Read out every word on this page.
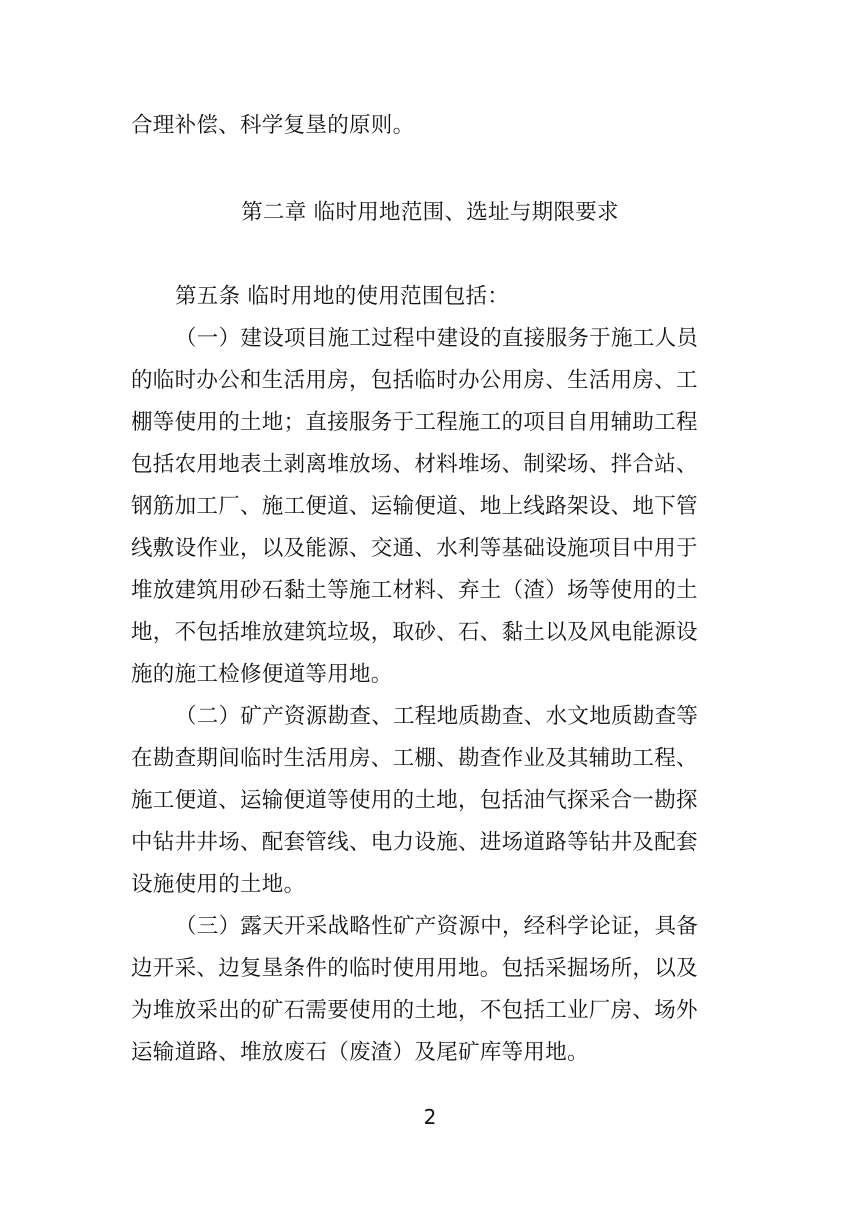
合理补偿、科学复垦的原则。
第二章 临时用地范围、选址与期限要求
第五条 临时用地的使用范围包括：
（一）建设项目施工过程中建设的直接服务于施工人员
的临时办公和生活用房，包括临时办公用房、生活用房、工
棚等使用的土地；直接服务于工程施工的项目自用辅助工程
包括农用地表土剥离堆放场、材料堆场、制梁场、拌合站、
钢筋加工厂、施工便道、运输便道、地上线路架设、地下管
线敷设作业，以及能源、交通、水利等基础设施项目中用于
堆放建筑用砂石黏土等施工材料、弃土（渣）场等使用的土
地，不包括堆放建筑垃圾，取砂、石、黏土以及风电能源设
施的施工检修便道等用地。
（二）矿产资源勘查、工程地质勘查、水文地质勘查等
在勘查期间临时生活用房、工棚、勘查作业及其辅助工程、
施工便道、运输便道等使用的土地，包括油气探采合一勘探
中钻井井场、配套管线、电力设施、进场道路等钻井及配套
设施使用的土地。
（三）露天开采战略性矿产资源中，经科学论证，具备
边开采、边复垦条件的临时使用用地。包括采掘场所，以及
为堆放采出的矿石需要使用的土地，不包括工业厂房、场外
运输道路、堆放废石（废渣）及尾矿库等用地。
2
